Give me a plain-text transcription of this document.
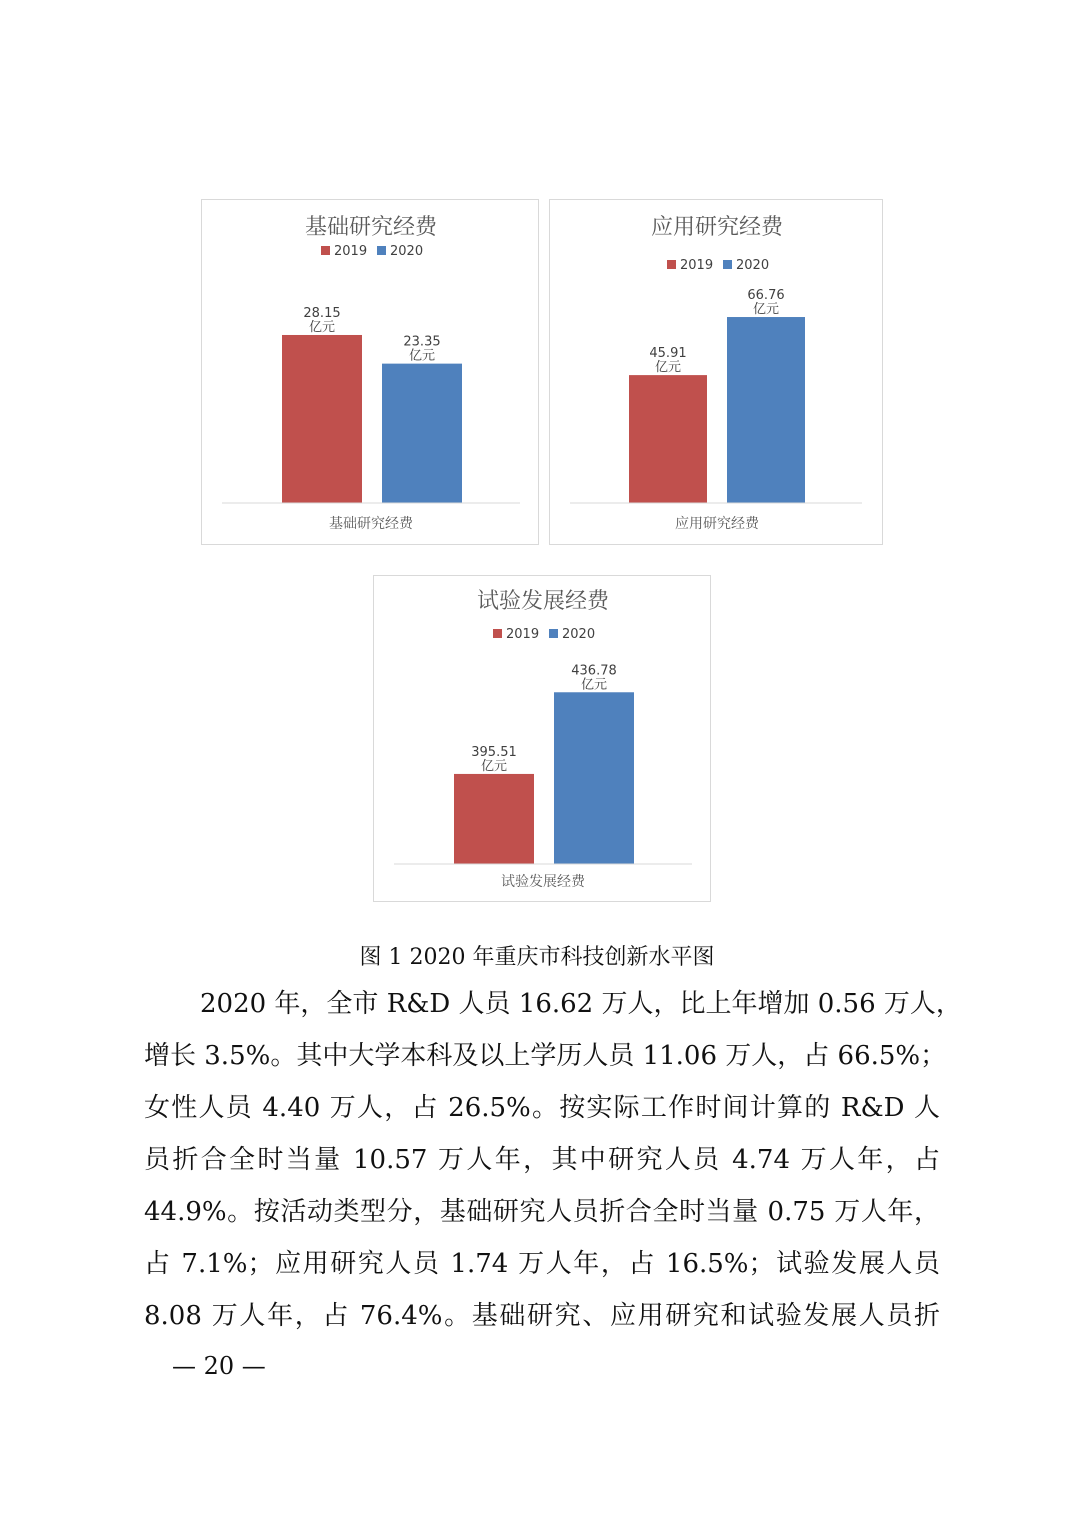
基础研究经费
2019 2020
28.15 亿元
23.35 亿元
基础研究经费
应用研究经费
2019 2020
45.91 亿元
66.76 亿元
应用研究经费
试验发展经费
2019 2020
395.51 亿元
436.78 亿元
试验发展经费
图 1 2020 年重庆市科技创新水平图
2020 年，全市 R&D 人员 16.62 万人，比上年增加 0.56 万人，
增长 3.5%。其中大学本科及以上学历人员 11.06 万人，占 66.5%；
女性人员 4.40 万人，占 26.5%。按实际工作时间计算的 R&D 人
员折合全时当量 10.57 万人年，其中研究人员 4.74 万人年，占
44.9%。按活动类型分，基础研究人员折合全时当量 0.75 万人年，
占 7.1%；应用研究人员 1.74 万人年，占 16.5%；试验发展人员
8.08 万人年，占 76.4%。基础研究、应用研究和试验发展人员折
— 20 —
